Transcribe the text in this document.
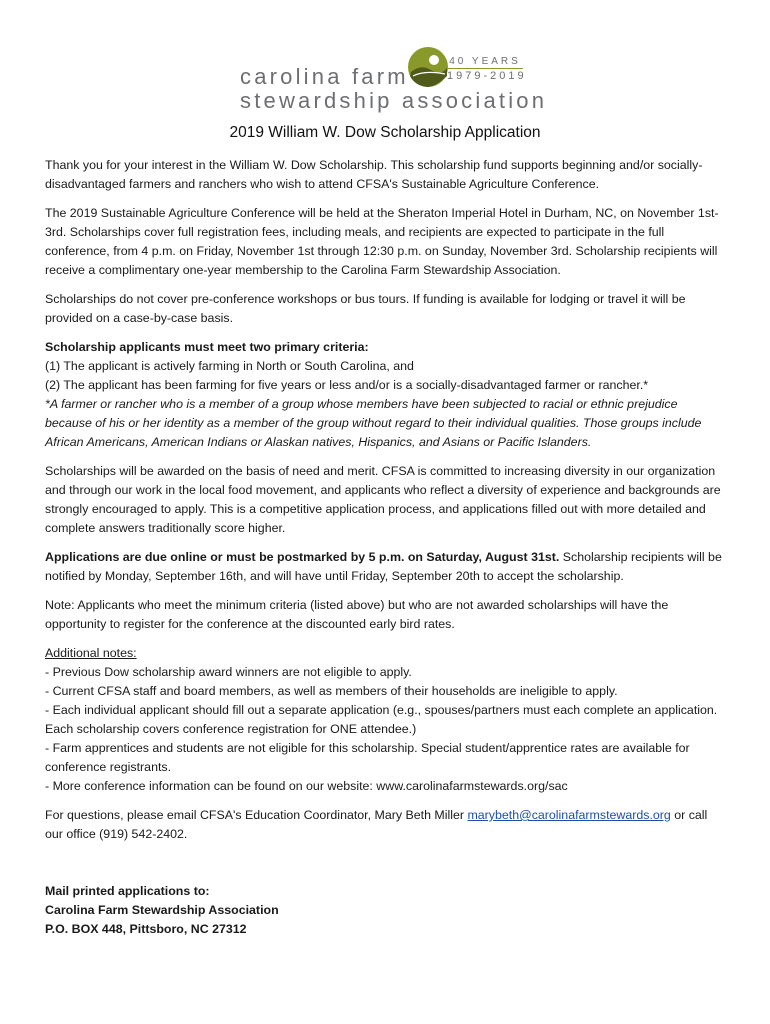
40 YEARS
1979-2019
carolina farm
stewardship association
2019 William W. Dow Scholarship Application

Thank you for your interest in the William W. Dow Scholarship. This scholarship fund supports beginning and/or socially-disadvantaged farmers and ranchers who wish to attend CFSA's Sustainable Agriculture Conference.

The 2019 Sustainable Agriculture Conference will be held at the Sheraton Imperial Hotel in Durham, NC, on November 1st-3rd. Scholarships cover full registration fees, including meals, and recipients are expected to participate in the full conference, from 4 p.m. on Friday, November 1st through 12:30 p.m. on Sunday, November 3rd. Scholarship recipients will receive a complimentary one-year membership to the Carolina Farm Stewardship Association.

Scholarships do not cover pre-conference workshops or bus tours. If funding is available for lodging or travel it will be provided on a case-by-case basis.

Scholarship applicants must meet two primary criteria:
(1) The applicant is actively farming in North or South Carolina, and
(2) The applicant has been farming for five years or less and/or is a socially-disadvantaged farmer or rancher.*
*A farmer or rancher who is a member of a group whose members have been subjected to racial or ethnic prejudice because of his or her identity as a member of the group without regard to their individual qualities. Those groups include African Americans, American Indians or Alaskan natives, Hispanics, and Asians or Pacific Islanders.

Scholarships will be awarded on the basis of need and merit. CFSA is committed to increasing diversity in our organization and through our work in the local food movement, and applicants who reflect a diversity of experience and backgrounds are strongly encouraged to apply. This is a competitive application process, and applications filled out with more detailed and complete answers traditionally score higher.

Applications are due online or must be postmarked by 5 p.m. on Saturday, August 31st. Scholarship recipients will be notified by Monday, September 16th, and will have until Friday, September 20th to accept the scholarship.

Note: Applicants who meet the minimum criteria (listed above) but who are not awarded scholarships will have the opportunity to register for the conference at the discounted early bird rates.

Additional notes:
- Previous Dow scholarship award winners are not eligible to apply.
- Current CFSA staff and board members, as well as members of their households are ineligible to apply.
- Each individual applicant should fill out a separate application (e.g., spouses/partners must each complete an application. Each scholarship covers conference registration for ONE attendee.)
- Farm apprentices and students are not eligible for this scholarship. Special student/apprentice rates are available for conference registrants.
- More conference information can be found on our website: www.carolinafarmstewards.org/sac

For questions, please email CFSA's Education Coordinator, Mary Beth Miller marybeth@carolinafarmstewards.org or call our office (919) 542-2402.

Mail printed applications to:
Carolina Farm Stewardship Association
P.O. BOX 448, Pittsboro, NC 27312
